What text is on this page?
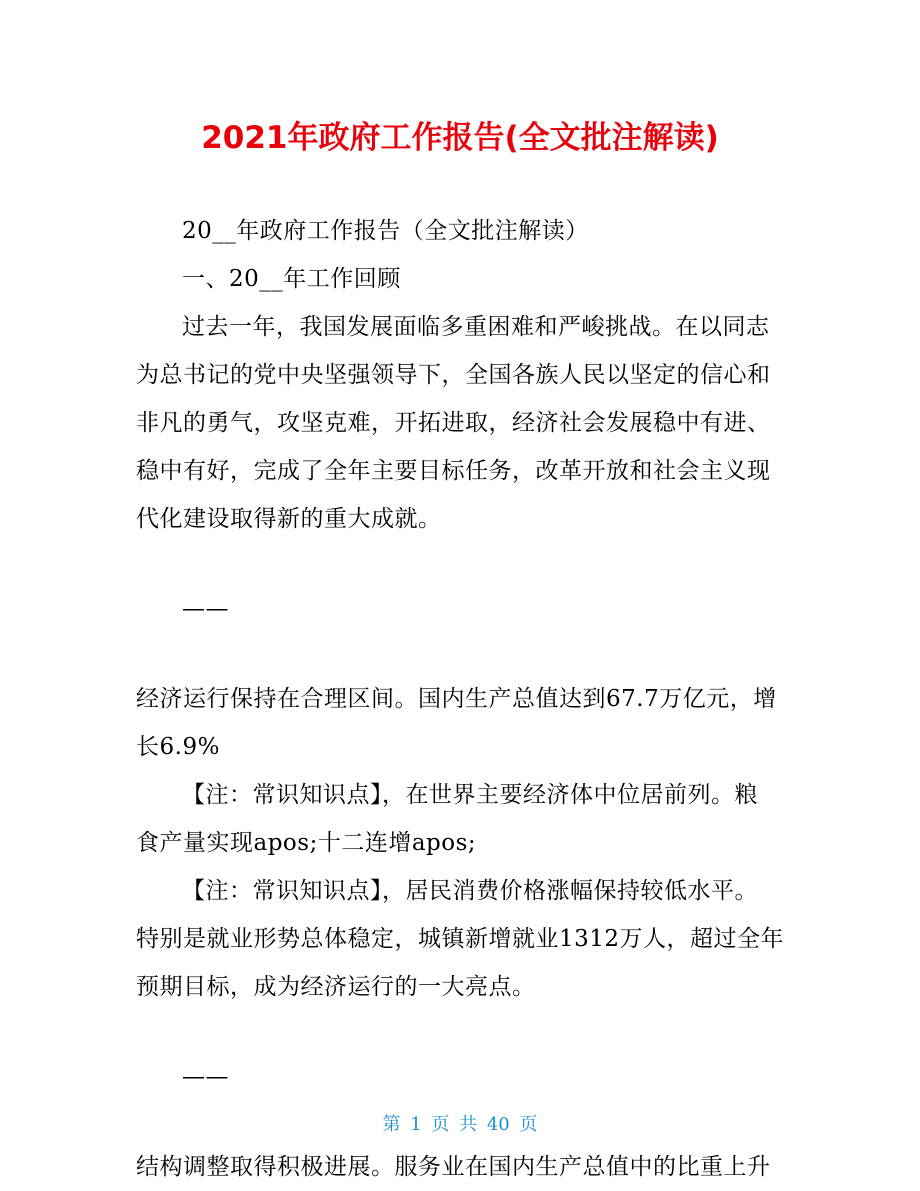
2021年政府工作报告(全文批注解读)
20__年政府工作报告（全文批注解读）
一、20__年工作回顾
过去一年，我国发展面临多重困难和严峻挑战。在以同志
为总书记的党中央坚强领导下，全国各族人民以坚定的信心和
非凡的勇气，攻坚克难，开拓进取，经济社会发展稳中有进、
稳中有好，完成了全年主要目标任务，改革开放和社会主义现
代化建设取得新的重大成就。
——
经济运行保持在合理区间。国内生产总值达到67.7万亿元，增
长6.9%
【注：常识知识点】，在世界主要经济体中位居前列。粮
食产量实现apos;十二连增apos;
【注：常识知识点】，居民消费价格涨幅保持较低水平。
特别是就业形势总体稳定，城镇新增就业1312万人，超过全年
预期目标，成为经济运行的一大亮点。
——
结构调整取得积极进展。服务业在国内生产总值中的比重上升
第 1 页 共 40 页
